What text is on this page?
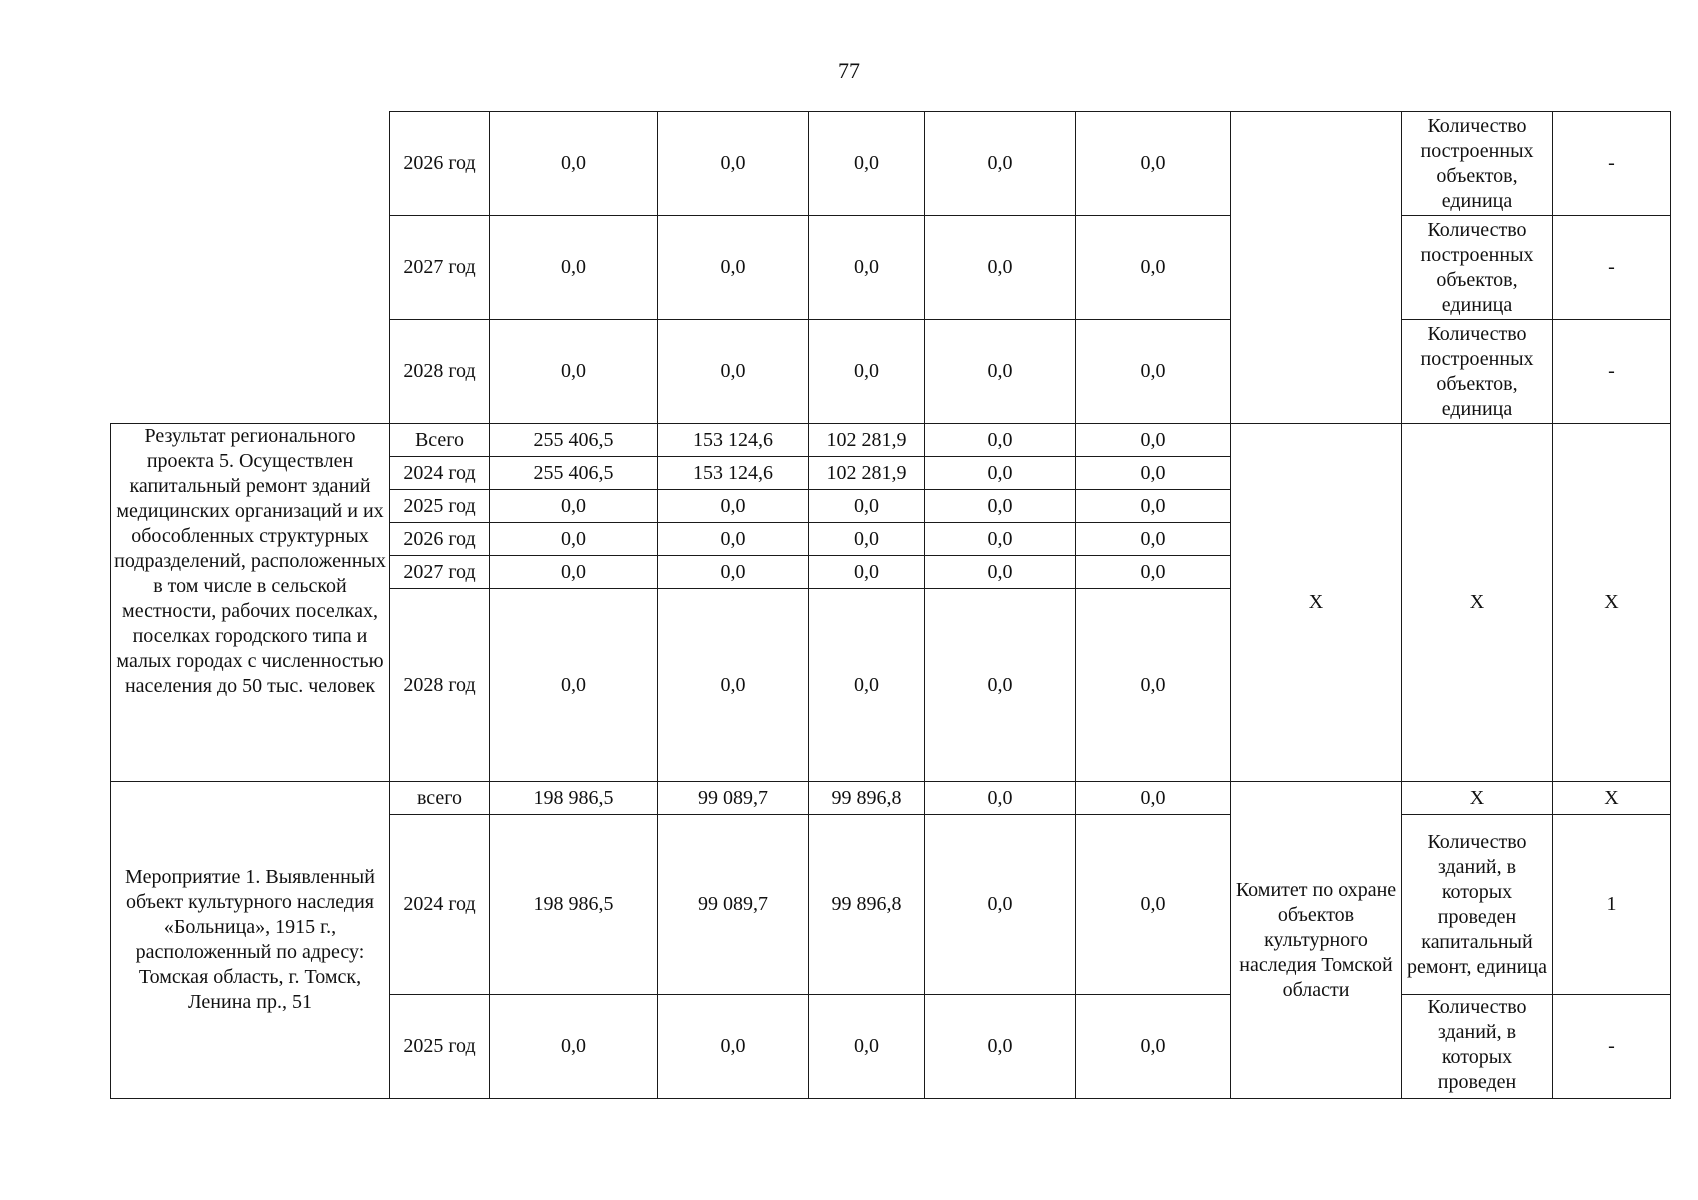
77
	2026 год	0,0	0,0	0,0	0,0	0,0		Количество построенных объектов, единица	-
	2027 год	0,0	0,0	0,0	0,0	0,0		Количество построенных объектов, единица	-
	2028 год	0,0	0,0	0,0	0,0	0,0		Количество построенных объектов, единица	-
Результат регионального проекта 5. Осуществлен капитальный ремонт зданий медицинских организаций и их обособленных структурных подразделений, расположенных в том числе в сельской местности, рабочих поселках, поселках городского типа и малых городах с численностью населения до 50 тыс. человек	Всего	255 406,5	153 124,6	102 281,9	0,0	0,0	X	X	X
	2024 год	255 406,5	153 124,6	102 281,9	0,0	0,0			
	2025 год	0,0	0,0	0,0	0,0	0,0			
	2026 год	0,0	0,0	0,0	0,0	0,0			
	2027 год	0,0	0,0	0,0	0,0	0,0			
	2028 год	0,0	0,0	0,0	0,0	0,0			
Мероприятие 1. Выявленный объект культурного наследия «Больница», 1915 г., расположенный по адресу: Томская область, г. Томск, Ленина пр., 51	всего	198 986,5	99 089,7	99 896,8	0,0	0,0	Комитет по охране объектов культурного наследия Томской области	X	X
	2024 год	198 986,5	99 089,7	99 896,8	0,0	0,0		Количество зданий, в которых проведен капитальный ремонт, единица	1
	2025 год	0,0	0,0	0,0	0,0	0,0		Количество зданий, в которых проведен	-
